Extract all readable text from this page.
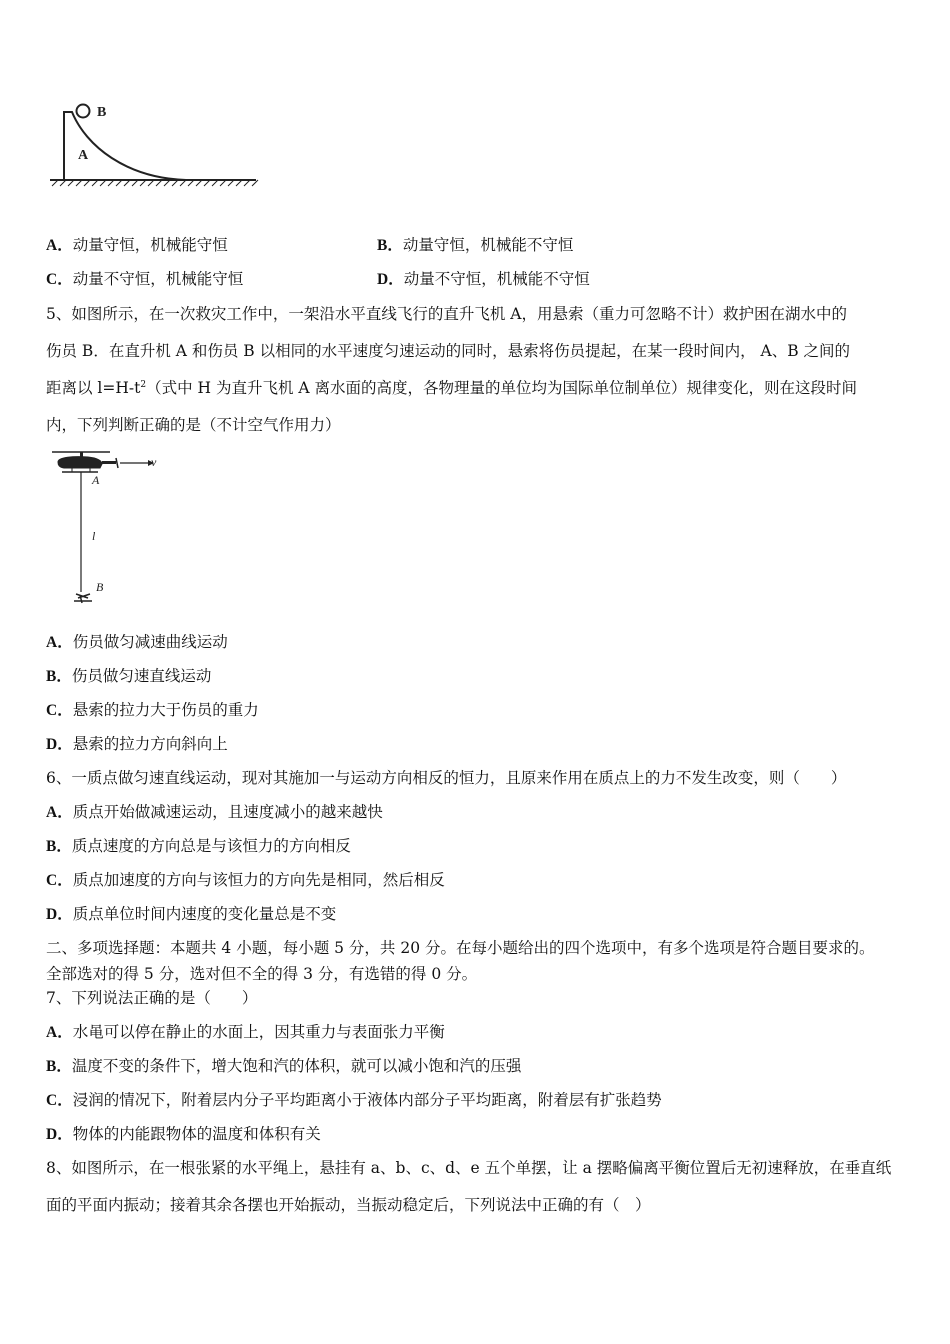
B
A
A．动量守恒，机械能守恒	B．动量守恒，机械能不守恒
C．动量不守恒，机械能守恒	D．动量不守恒，机械能不守恒
5、如图所示，在一次救灾工作中，一架沿水平直线飞行的直升飞机 A，用悬索（重力可忽略不计）救护困在湖水中的
伤员 B．在直升机 A 和伤员 B 以相同的水平速度匀速运动的同时，悬索将伤员提起，在某一段时间内， A、B 之间的
距离以 $l=H-t^2$（式中 H 为直升飞机 A 离水面的高度，各物理量的单位均为国际单位制单位）规律变化，则在这段时间
内，下列判断正确的是（不计空气作用力）
v
A
l
B
A．伤员做匀减速曲线运动
B．伤员做匀速直线运动
C．悬索的拉力大于伤员的重力
D．悬索的拉力方向斜向上
6、一质点做匀速直线运动，现对其施加一与运动方向相反的恒力，且原来作用在质点上的力不发生改变，则（　　）
A．质点开始做减速运动，且速度减小的越来越快
B．质点速度的方向总是与该恒力的方向相反
C．质点加速度的方向与该恒力的方向先是相同，然后相反
D．质点单位时间内速度的变化量总是不变
二、多项选择题：本题共 4 小题，每小题 5 分，共 20 分。在每小题给出的四个选项中，有多个选项是符合题目要求的。
全部选对的得 5 分，选对但不全的得 3 分，有选错的得 0 分。
7、下列说法正确的是（　　）
A．水黾可以停在静止的水面上，因其重力与表面张力平衡
B．温度不变的条件下，增大饱和汽的体积，就可以减小饱和汽的压强
C．浸润的情况下，附着层内分子平均距离小于液体内部分子平均距离，附着层有扩张趋势
D．物体的内能跟物体的温度和体积有关
8、如图所示，在一根张紧的水平绳上，悬挂有 a、b、c、d、e 五个单摆，让 a 摆略偏离平衡位置后无初速释放，在垂直纸
面的平面内振动；接着其余各摆也开始振动，当振动稳定后，下列说法中正确的有（　）
